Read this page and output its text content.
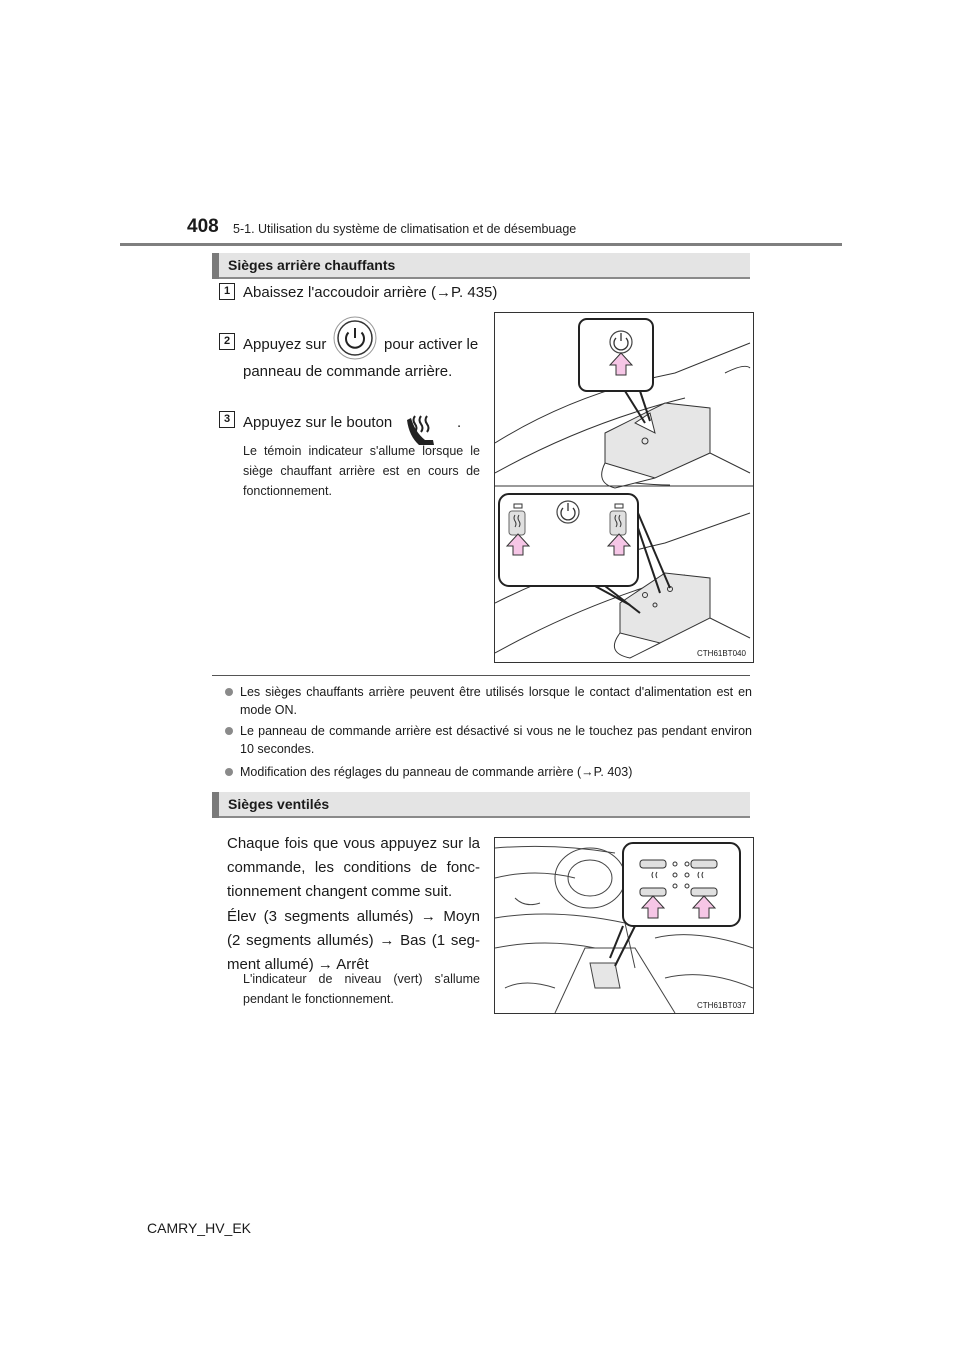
408 5-1. Utilisation du système de climatisation et de désembuage
Sièges arrière chauffants
1 Abaissez l'accoudoir arrière (→P. 435)
2 Appuyez sur	pour activer le
panneau de commande arrière.
3 Appuyez sur le bouton	.
Le témoin indicateur s'allume lorsque le siège chauffant arrière est en cours de fonctionnement.
CTH61BT040
Les sièges chauffants arrière peuvent être utilisés lorsque le contact d'alimentation est en mode ON.
Le panneau de commande arrière est désactivé si vous ne le touchez pas pendant environ 10 secondes.
Modification des réglages du panneau de commande arrière (→P. 403)
Sièges ventilés
Chaque fois que vous appuyez sur la commande, les conditions de fonc-tionnement changent comme suit.
Élev (3 segments allumés) → Moyn (2 segments allumés) → Bas (1 seg-ment allumé) → Arrêt
L'indicateur de niveau (vert) s'allume pendant le fonctionnement.	CTH61BT037
CAMRY_HV_EK
